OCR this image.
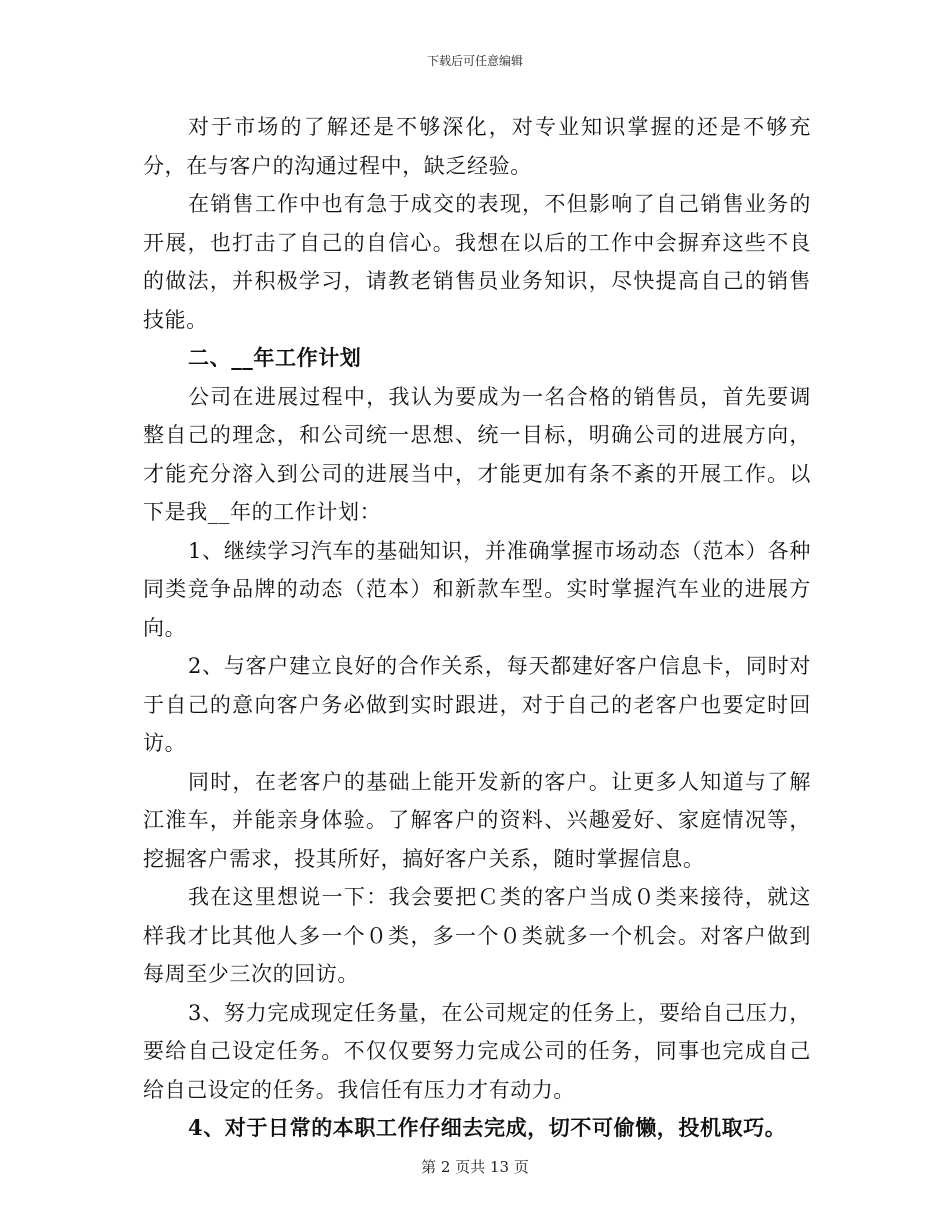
下载后可任意编辑

对于市场的了解还是不够深化，对专业知识掌握的还是不够充分，在与客户的沟通过程中，缺乏经验。

在销售工作中也有急于成交的表现，不但影响了自己销售业务的开展，也打击了自己的自信心。我想在以后的工作中会摒弃这些不良的做法，并积极学习，请教老销售员业务知识，尽快提高自己的销售技能。

二、__年工作计划

公司在进展过程中，我认为要成为一名合格的销售员，首先要调整自己的理念，和公司统一思想、统一目标，明确公司的进展方向，才能充分溶入到公司的进展当中，才能更加有条不紊的开展工作。以下是我__年的工作计划：

1、继续学习汽车的基础知识，并准确掌握市场动态（范本）各种同类竞争品牌的动态（范本）和新款车型。实时掌握汽车业的进展方向。

2、与客户建立良好的合作关系，每天都建好客户信息卡，同时对于自己的意向客户务必做到实时跟进，对于自己的老客户也要定时回访。

同时，在老客户的基础上能开发新的客户。让更多人知道与了解江淮车，并能亲身体验。了解客户的资料、兴趣爱好、家庭情况等，挖掘客户需求，投其所好，搞好客户关系，随时掌握信息。

我在这里想说一下：我会要把Ｃ类的客户当成０类来接待，就这样我才比其他人多一个０类，多一个０类就多一个机会。对客户做到每周至少三次的回访。

3、努力完成现定任务量，在公司规定的任务上，要给自己压力，要给自己设定任务。不仅仅要努力完成公司的任务，同事也完成自己给自己设定的任务。我信任有压力才有动力。

4、对于日常的本职工作仔细去完成，切不可偷懒，投机取巧。

第 2 页共 13 页
